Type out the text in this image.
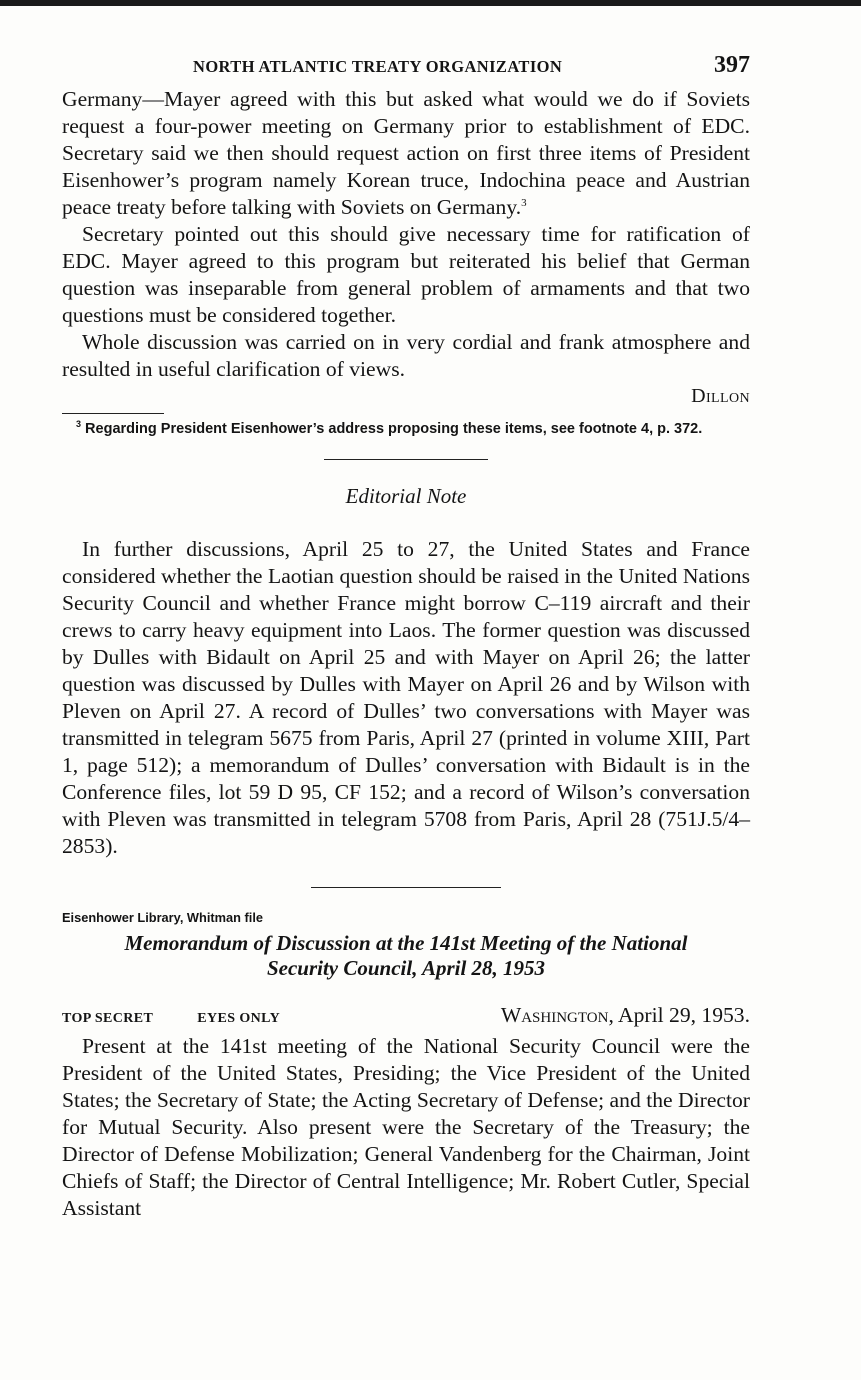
NORTH ATLANTIC TREATY ORGANIZATION	397

Germany—Mayer agreed with this but asked what would we do if Soviets request a four-power meeting on Germany prior to establishment of EDC. Secretary said we then should request action on first three items of President Eisenhower’s program namely Korean truce, Indochina peace and Austrian peace treaty before talking with Soviets on Germany.$^3$

Secretary pointed out this should give necessary time for ratification of EDC. Mayer agreed to this program but reiterated his belief that German question was inseparable from general problem of armaments and that two questions must be considered together.

Whole discussion was carried on in very cordial and frank atmosphere and resulted in useful clarification of views.

Dillon
$^3$ Regarding President Eisenhower’s address proposing these items, see footnote 4, p. 372.
Editorial Note

In further discussions, April 25 to 27, the United States and France considered whether the Laotian question should be raised in the United Nations Security Council and whether France might borrow C–119 aircraft and their crews to carry heavy equipment into Laos. The former question was discussed by Dulles with Bidault on April 25 and with Mayer on April 26; the latter question was discussed by Dulles with Mayer on April 26 and by Wilson with Pleven on April 27. A record of Dulles’ two conversations with Mayer was transmitted in telegram 5675 from Paris, April 27 (printed in volume XIII, Part 1, page 512); a memorandum of Dulles’ conversation with Bidault is in the Conference files, lot 59 D 95, CF 152; and a record of Wilson’s conversation with Pleven was transmitted in telegram 5708 from Paris, April 28 (751J.5/4–2853).

Eisenhower Library, Whitman file
Memorandum of Discussion at the 141st Meeting of the National
Security Council, April 28, 1953
TOP SECRET	EYES ONLY	Washington, April 29, 1953.

Present at the 141st meeting of the National Security Council were the President of the United States, Presiding; the Vice President of the United States; the Secretary of State; the Acting Secretary of Defense; and the Director for Mutual Security. Also present were the Secretary of the Treasury; the Director of Defense Mobilization; General Vandenberg for the Chairman, Joint Chiefs of Staff; the Director of Central Intelligence; Mr. Robert Cutler, Special Assistant
